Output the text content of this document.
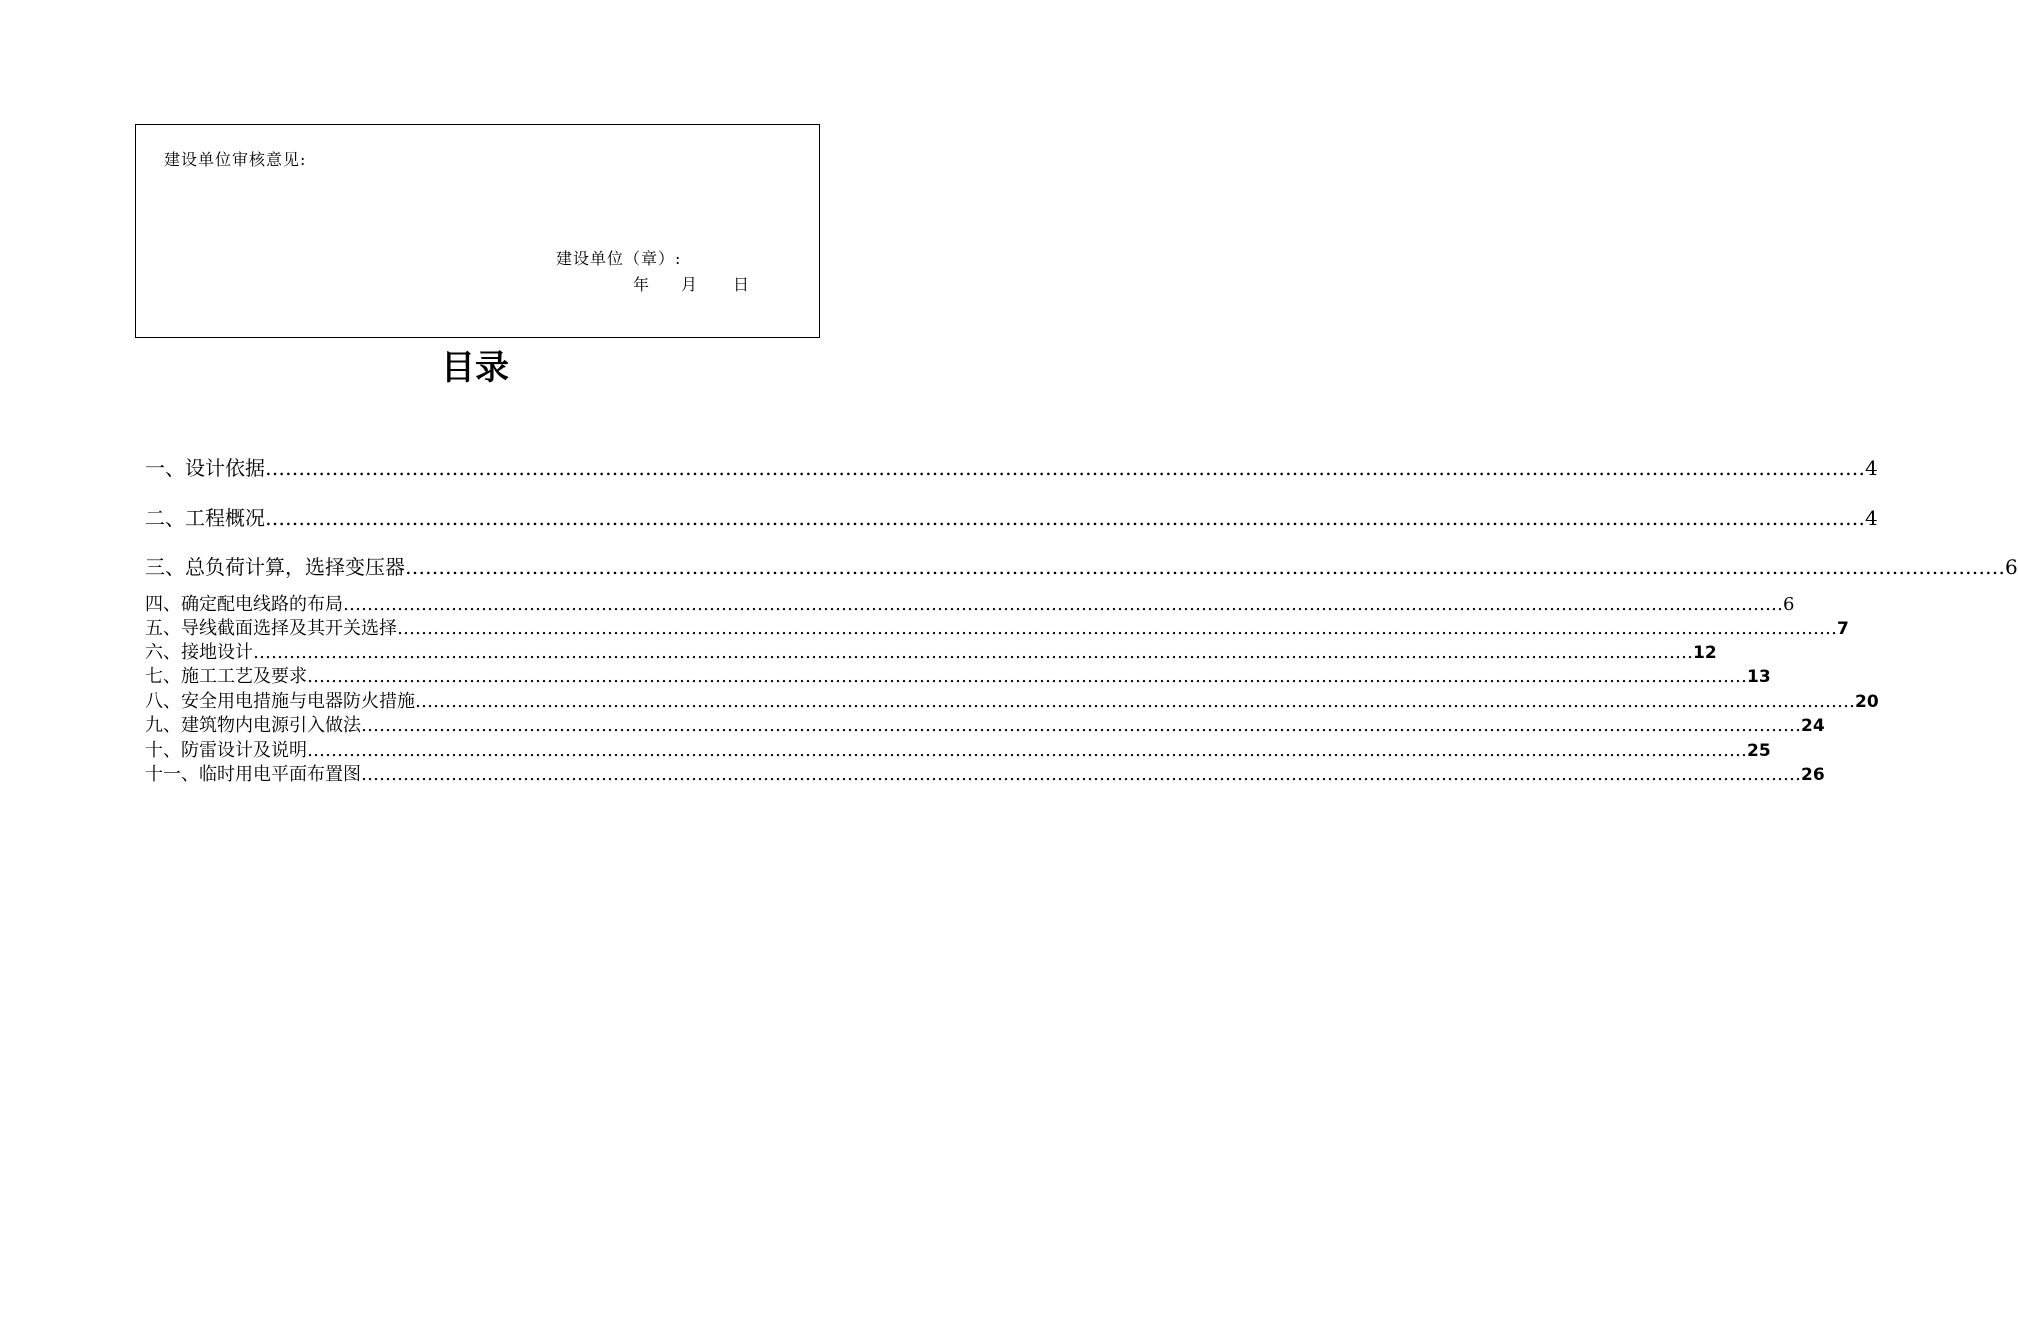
建设单位审核意见:
建设单位（章）:
年 月 日
目录
一、设计依据 …………………………………………………………………………………………………………………………………………………………………………………………………………………… 4
二、工程概况 …………………………………………………………………………………………………………………………………………………………………………………………………………………… 4
三、总负荷计算，选择变压器 …………………………………………………………………………………………………………………………………………………………………………………………………………………… 6
四、确定配电线路的布局 …………………………………………………………………………………………………………………………………………………………………………………………………………………… 6
五、导线截面选择及其开关选择 …………………………………………………………………………………………………………………………………………………………………………………………………………………… 7
六、接地设计 …………………………………………………………………………………………………………………………………………………………………………………………………………………… 12
七、施工工艺及要求 …………………………………………………………………………………………………………………………………………………………………………………………………………………… 13
八、安全用电措施与电器防火措施 …………………………………………………………………………………………………………………………………………………………………………………………………………………… 20
九、建筑物内电源引入做法 …………………………………………………………………………………………………………………………………………………………………………………………………………………… 24
十、防雷设计及说明 …………………………………………………………………………………………………………………………………………………………………………………………………………………… 25
十一、临时用电平面布置图 …………………………………………………………………………………………………………………………………………………………………………………………………………………… 26
